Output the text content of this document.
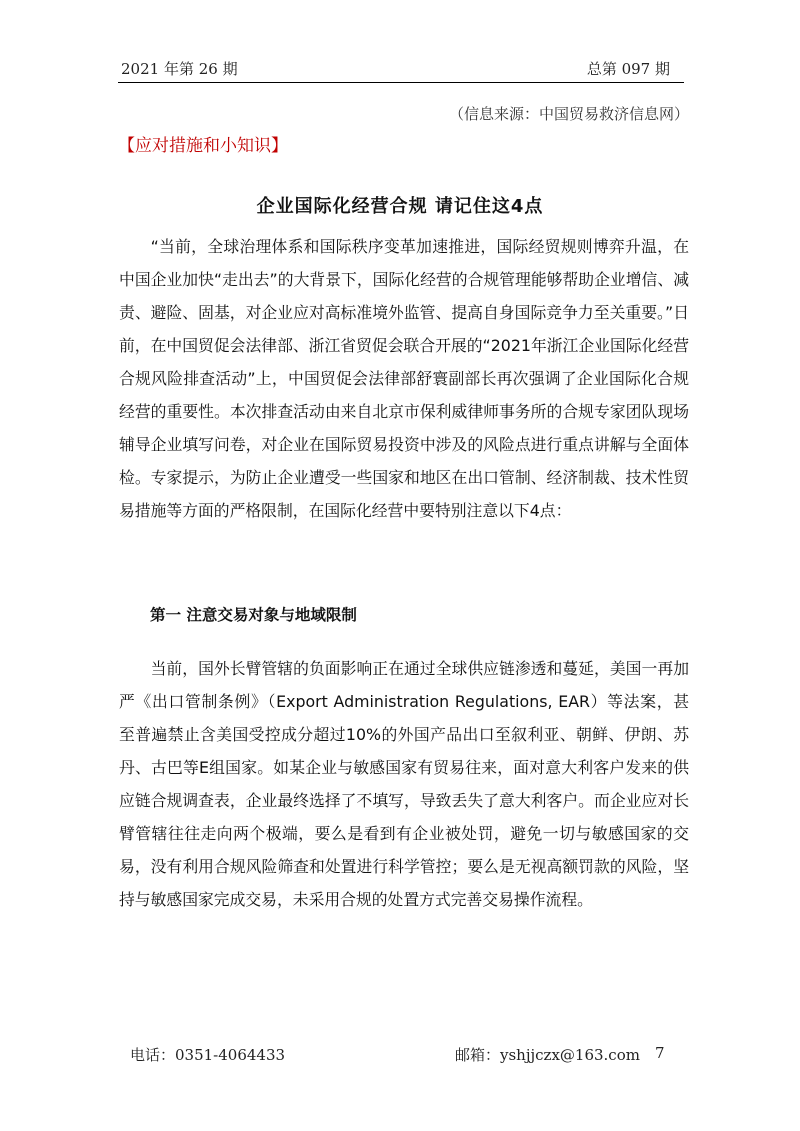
2021 年第 26 期	总第 097 期
（信息来源：中国贸易救济信息网）
【应对措施和小知识】
企业国际化经营合规 请记住这4点

“当前，全球治理体系和国际秩序变革加速推进，国际经贸规则博弈升温，在中国企业加快“走出去”的大背景下，国际化经营的合规管理能够帮助企业增信、减责、避险、固基，对企业应对高标准境外监管、提高自身国际竞争力至关重要。”日前，在中国贸促会法律部、浙江省贸促会联合开展的“2021年浙江企业国际化经营合规风险排查活动”上，中国贸促会法律部舒寰副部长再次强调了企业国际化合规经营的重要性。本次排查活动由来自北京市保利威律师事务所的合规专家团队现场辅导企业填写问卷，对企业在国际贸易投资中涉及的风险点进行重点讲解与全面体检。专家提示，为防止企业遭受一些国家和地区在出口管制、经济制裁、技术性贸易措施等方面的严格限制，在国际化经营中要特别注意以下4点：

第一 注意交易对象与地域限制

当前，国外长臂管辖的负面影响正在通过全球供应链渗透和蔓延，美国一再加严《出口管制条例》（Export Administration Regulations, EAR）等法案，甚至普遍禁止含美国受控成分超过10%的外国产品出口至叙利亚、朝鲜、伊朗、苏丹、古巴等E组国家。如某企业与敏感国家有贸易往来，面对意大利客户发来的供应链合规调查表，企业最终选择了不填写，导致丢失了意大利客户。而企业应对长臂管辖往往走向两个极端，要么是看到有企业被处罚，避免一切与敏感国家的交易，没有利用合规风险筛查和处置进行科学管控；要么是无视高额罚款的风险，坚持与敏感国家完成交易，未采用合规的处置方式完善交易操作流程。

电话：0351-4064433	邮箱：yshjjczx@163.com 7
